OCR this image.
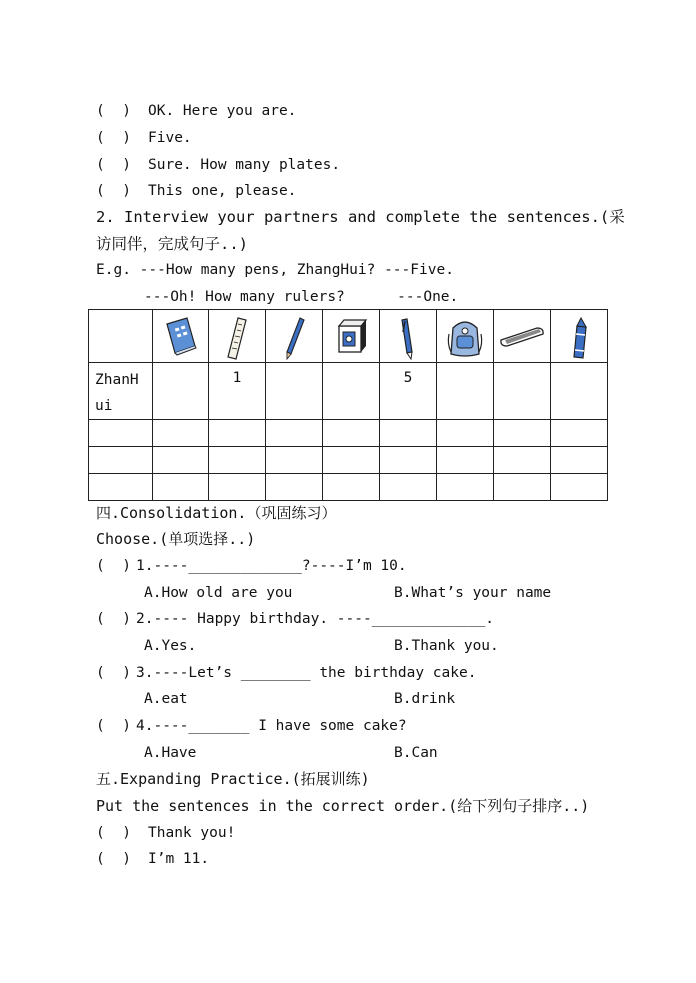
(  ) OK. Here you are.
(  ) Five.
(  ) Sure. How many plates.
(  ) This one, please.
2. Interview your partners and complete the sentences.(采
访同伴，完成句子..)
E.g. ---How many pens, ZhangHui? ---Five.
---Oh! How many rulers?      ---One.

ZhanHui		1			5			

四.Consolidation.（巩固练习）
Choose.(单项选择..)
(  ) 1.----_____________?----I’m 10.
A.How old are you	B.What’s your name
(  ) 2.---- Happy birthday. ----_____________.
A.Yes.	B.Thank you.
(  ) 3.----Let’s ________ the birthday cake.
A.eat	B.drink
(  ) 4.----_______ I have some cake?
A.Have	B.Can
五.Expanding Practice.(拓展训练)
Put the sentences in the correct order.(给下列句子排序..)
(  ) Thank you!
(  ) I’m 11.
